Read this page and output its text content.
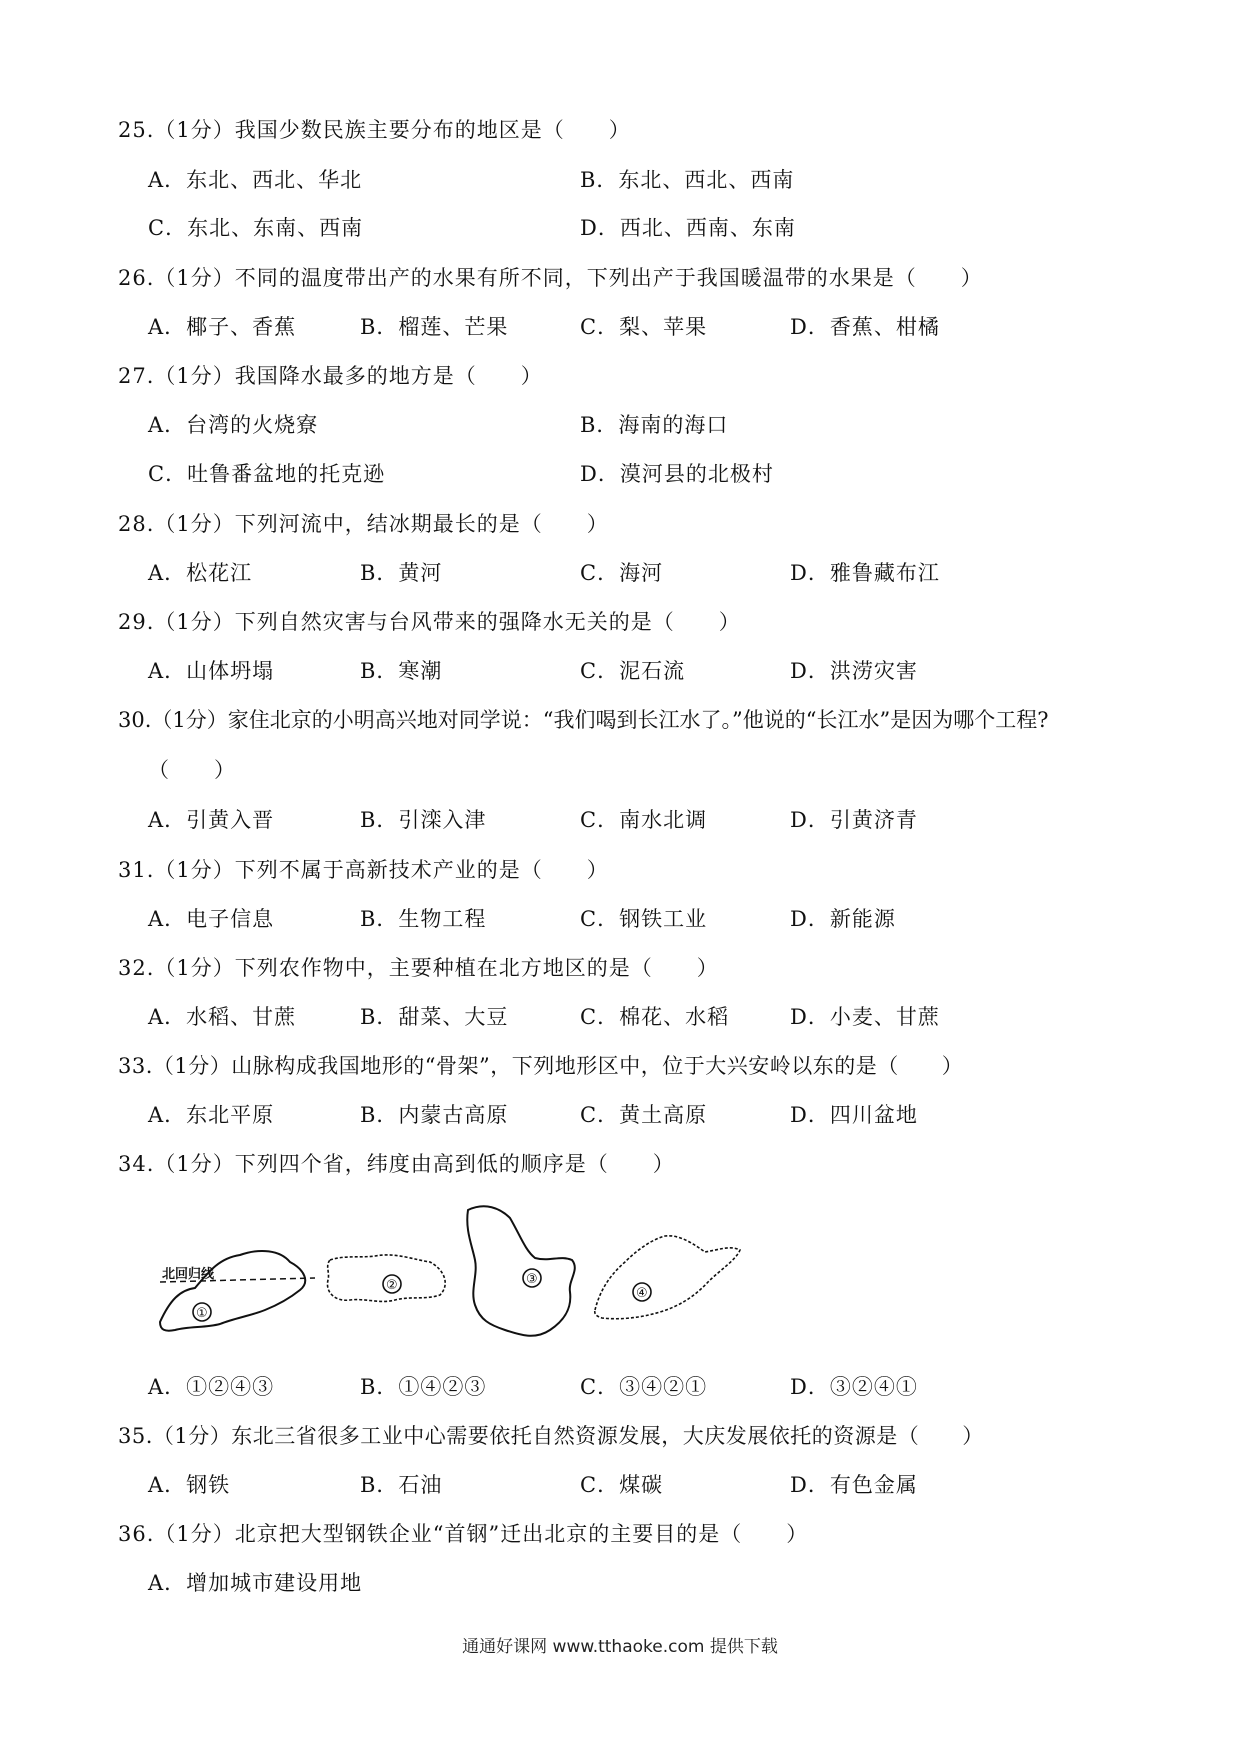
25.（1分）我国少数民族主要分布的地区是（　　）
A．东北、西北、华北	B．东北、西北、西南
C．东北、东南、西南	D．西北、西南、东南
26.（1分）不同的温度带出产的水果有所不同，下列出产于我国暖温带的水果是（　　）
A．椰子、香蕉	B．榴莲、芒果	C．梨、苹果	D．香蕉、柑橘
27.（1分）我国降水最多的地方是（　　）
A．台湾的火烧寮	B．海南的海口
C．吐鲁番盆地的托克逊	D．漠河县的北极村
28.（1分）下列河流中，结冰期最长的是（　　）
A．松花江	B．黄河	C．海河	D．雅鲁藏布江
29.（1分）下列自然灾害与台风带来的强降水无关的是（　　）
A．山体坍塌	B．寒潮	C．泥石流	D．洪涝灾害
30.（1分）家住北京的小明高兴地对同学说：“我们喝到长江水了。”他说的“长江水”是因为哪个工程?
（　　）
A．引黄入晋	B．引滦入津	C．南水北调	D．引黄济青
31.（1分）下列不属于高新技术产业的是（　　）
A．电子信息	B．生物工程	C．钢铁工业	D．新能源
32.（1分）下列农作物中，主要种植在北方地区的是（　　）
A．水稻、甘蔗	B．甜菜、大豆	C．棉花、水稻	D．小麦、甘蔗
33.（1分）山脉构成我国地形的“骨架”，下列地形区中，位于大兴安岭以东的是（　　）
A．东北平原	B．内蒙古高原	C．黄土高原	D．四川盆地
34.（1分）下列四个省，纬度由高到低的顺序是（　　）
北回归线
①
②	③
④
A．①②④③	B．①④②③	C．③④②①	D．③②④①
35.（1分）东北三省很多工业中心需要依托自然资源发展，大庆发展依托的资源是（　　）
A．钢铁	B．石油	C．煤碳	D．有色金属
36.（1分）北京把大型钢铁企业“首钢”迁出北京的主要目的是（　　）
A．增加城市建设用地
通通好课网 www.tthaoke.com 提供下载
